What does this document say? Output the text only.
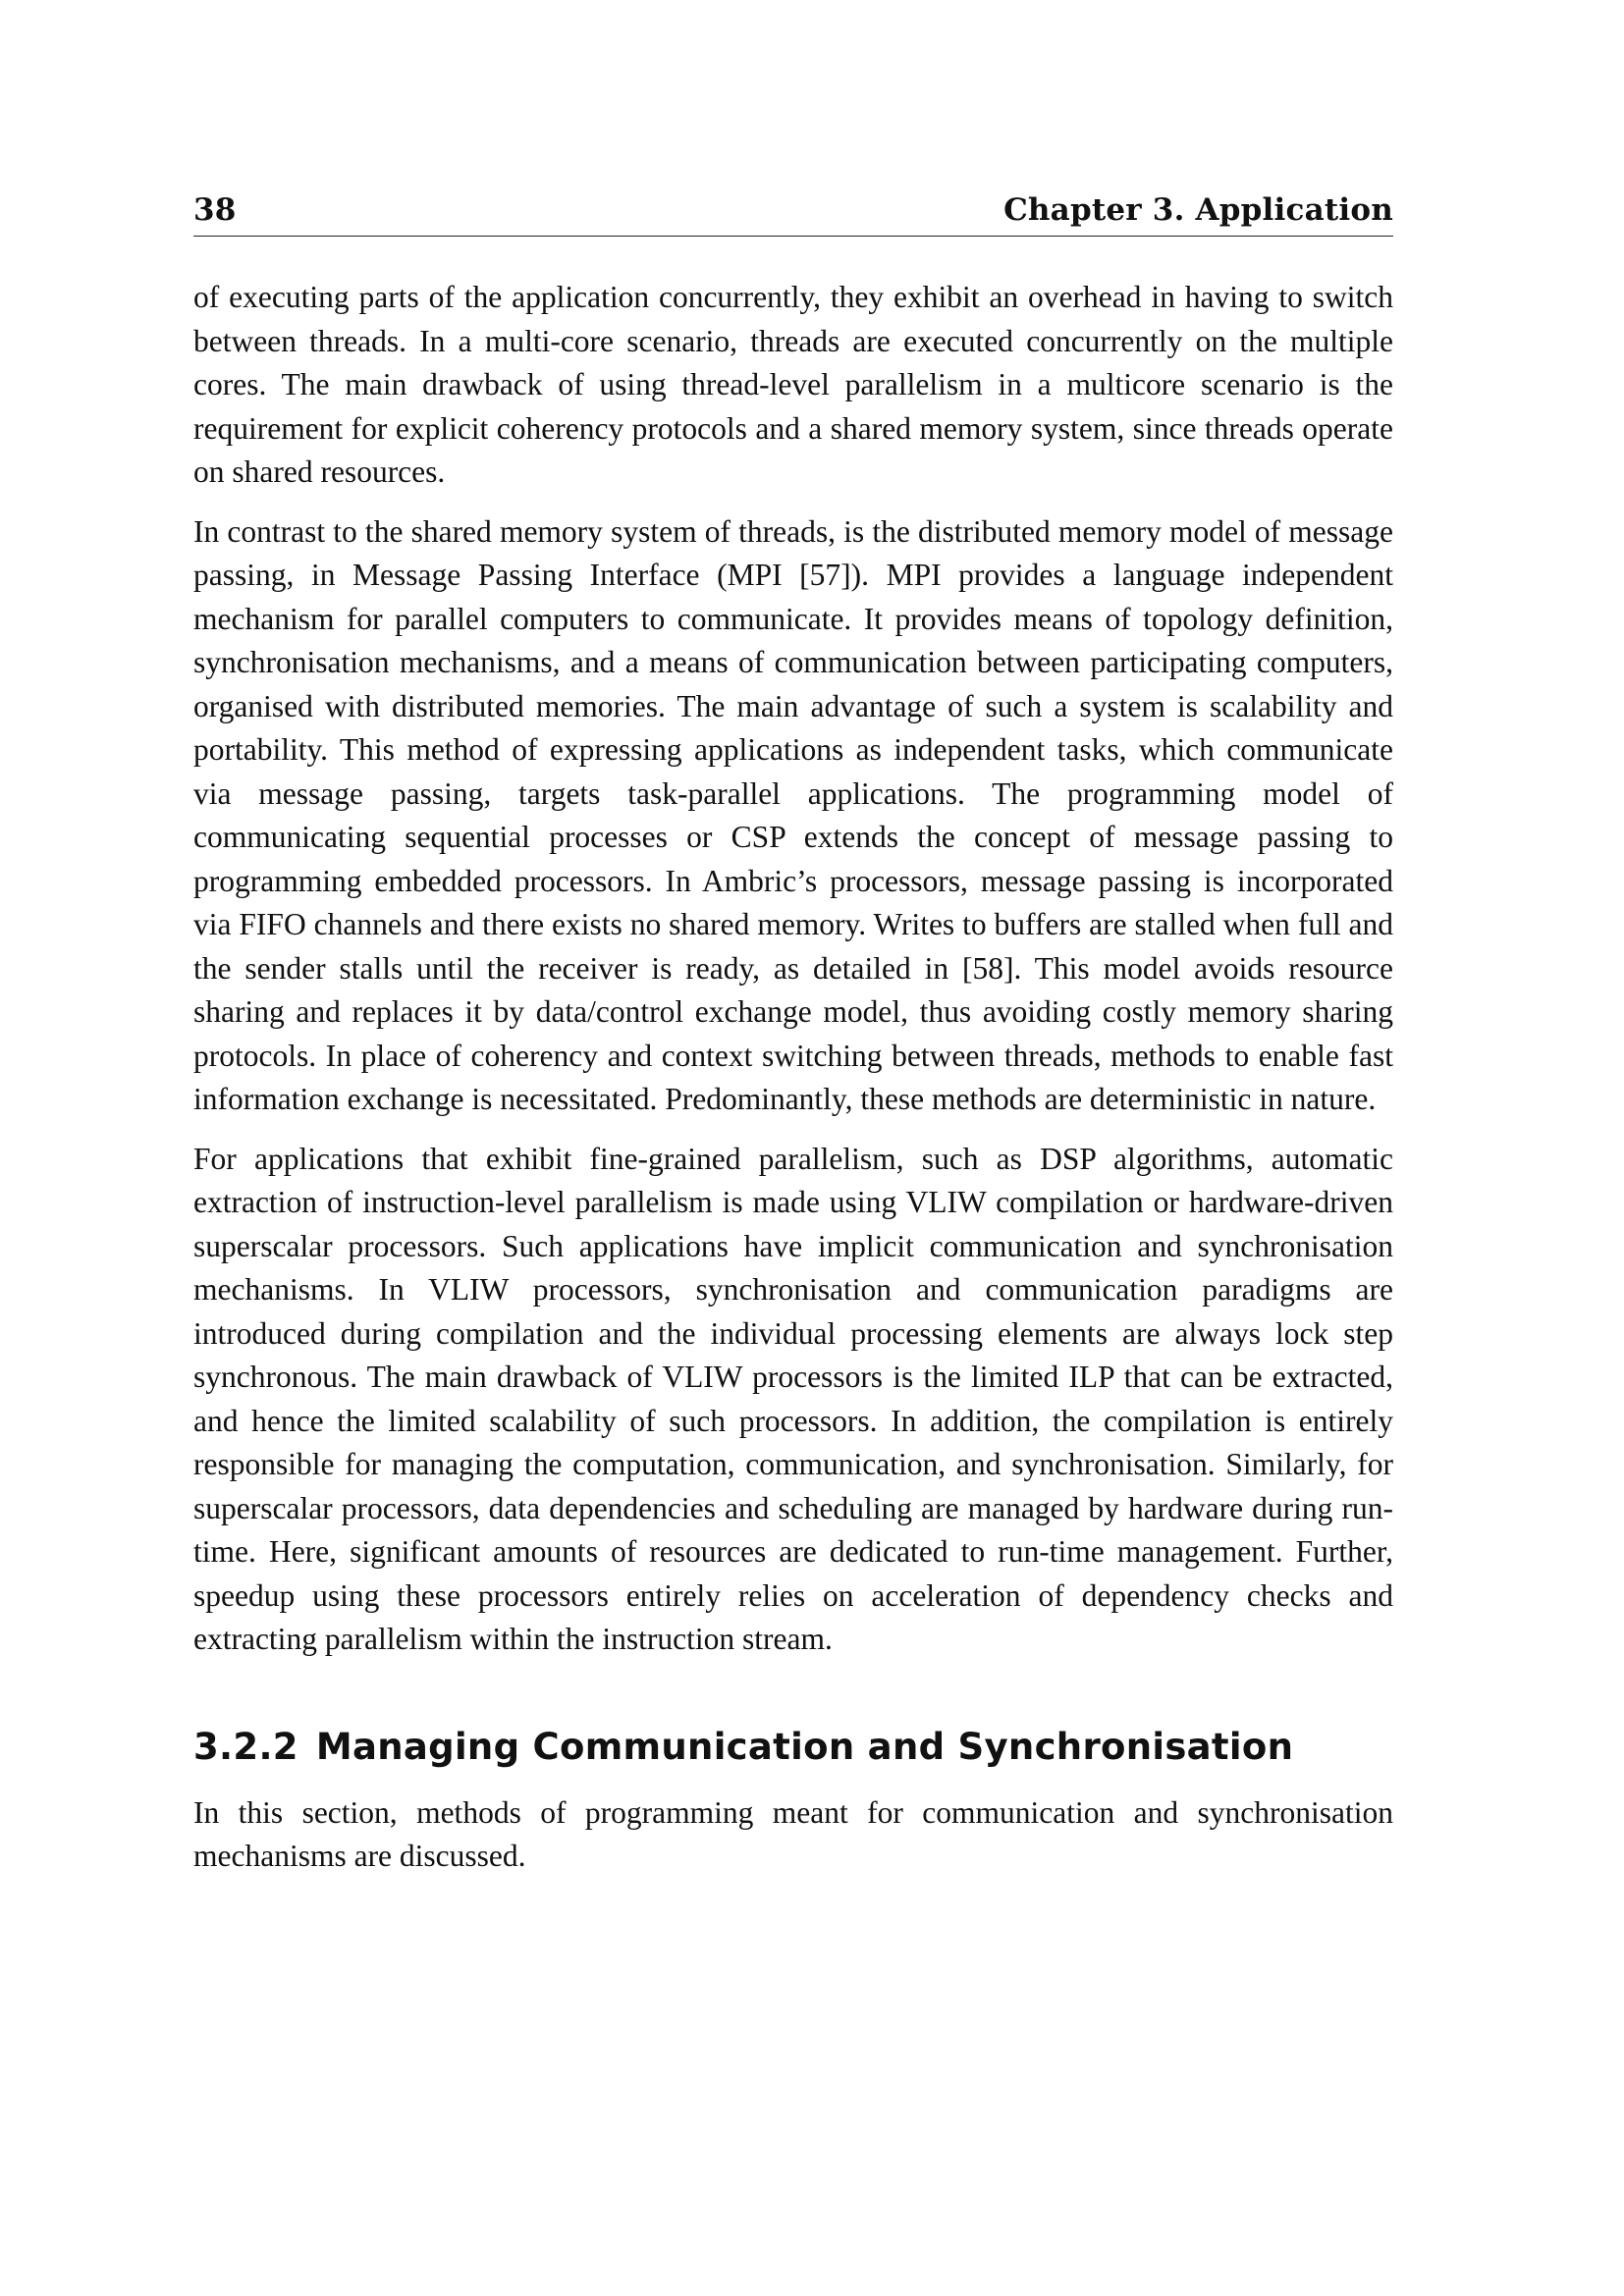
38	Chapter 3. Application

of executing parts of the application concurrently, they exhibit an overhead in having to switch between threads. In a multi-core scenario, threads are executed concurrently on the multiple cores. The main drawback of using thread-level parallelism in a multicore scenario is the requirement for explicit coherency protocols and a shared memory system, since threads operate on shared resources.

In contrast to the shared memory system of threads, is the distributed memory model of message passing, in Message Passing Interface (MPI [57]). MPI provides a language independent mechanism for parallel computers to communicate. It provides means of topology definition, synchronisation mechanisms, and a means of communication between participating computers, organised with distributed memories. The main advantage of such a system is scalability and portability. This method of expressing applications as independent tasks, which communicate via message passing, targets task-parallel applications. The programming model of communicating sequential processes or CSP extends the concept of message passing to programming embedded processors. In Ambric’s processors, message passing is incorporated via FIFO channels and there exists no shared memory. Writes to buffers are stalled when full and the sender stalls until the receiver is ready, as detailed in [58]. This model avoids resource sharing and replaces it by data/control exchange model, thus avoiding costly memory sharing protocols. In place of coherency and context switching between threads, methods to enable fast information exchange is necessitated. Predominantly, these methods are deterministic in nature.

For applications that exhibit fine-grained parallelism, such as DSP algorithms, automatic extraction of instruction-level parallelism is made using VLIW compilation or hardware-driven superscalar processors. Such applications have implicit communication and synchronisation mechanisms. In VLIW processors, synchronisation and communication paradigms are introduced during compilation and the individual processing elements are always lock step synchronous. The main drawback of VLIW processors is the limited ILP that can be extracted, and hence the limited scalability of such processors. In addition, the compilation is entirely responsible for managing the computation, communication, and synchronisation. Similarly, for superscalar processors, data dependencies and scheduling are managed by hardware during runtime. Here, significant amounts of resources are dedicated to run-time management. Further, speedup using these processors entirely relies on acceleration of dependency checks and extracting parallelism within the instruction stream.

3.2.2 Managing Communication and Synchronisation

In this section, methods of programming meant for communication and synchronisation mechanisms are discussed.
